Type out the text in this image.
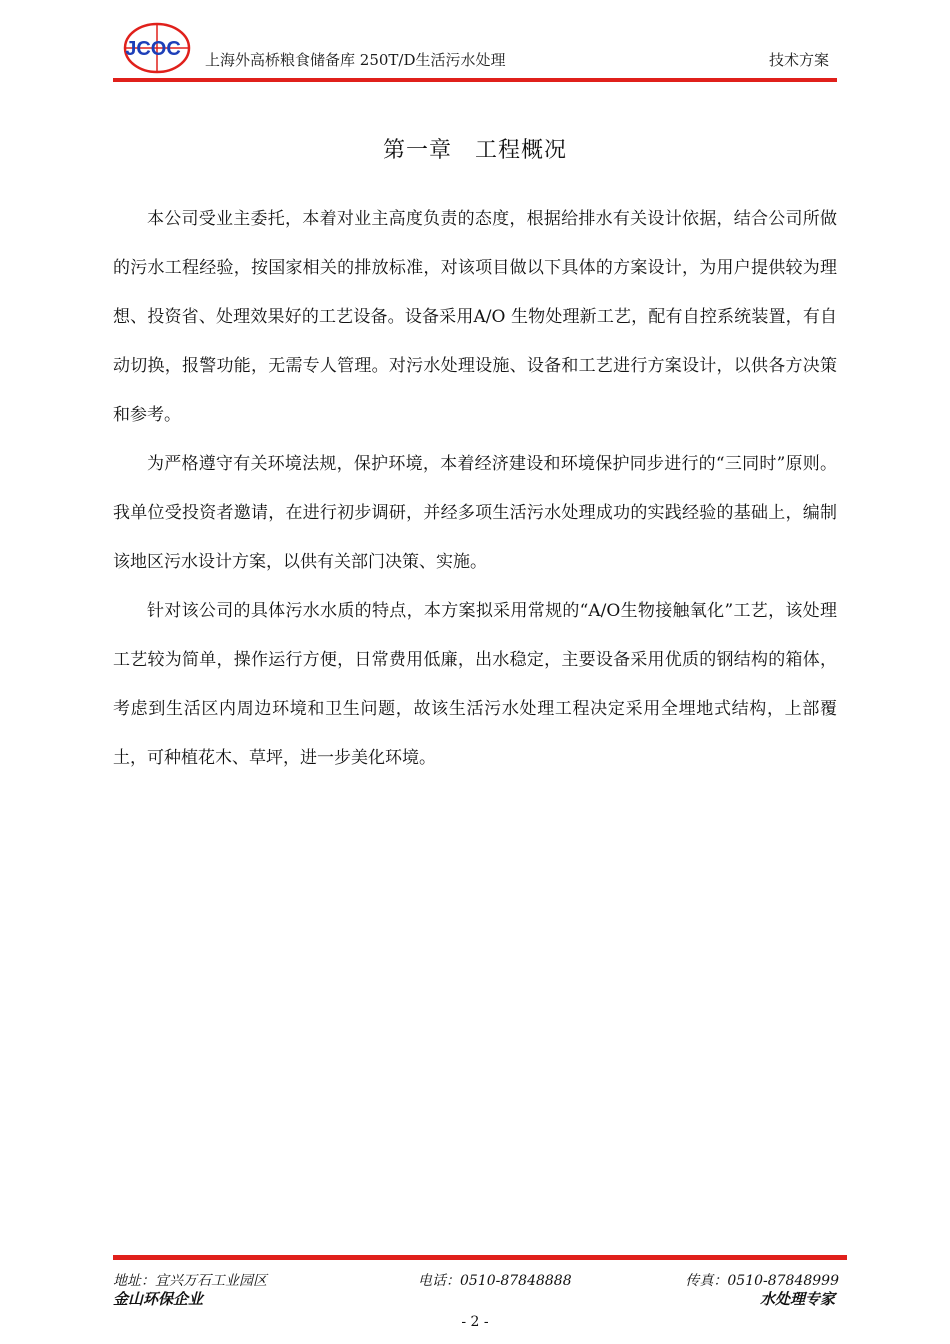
JCOC 上海外高桥粮食储备库 250T/D生活污水处理	技术方案
第一章　工程概况

本公司受业主委托，本着对业主高度负责的态度，根据给排水有关设计依据，结合公司所做的污水工程经验，按国家相关的排放标准，对该项目做以下具体的方案设计，为用户提供较为理想、投资省、处理效果好的工艺设备。设备采用A/O 生物处理新工艺，配有自控系统装置，有自动切换，报警功能，无需专人管理。对污水处理设施、设备和工艺进行方案设计，以供各方决策和参考。

为严格遵守有关环境法规，保护环境，本着经济建设和环境保护同步进行的“三同时”原则。我单位受投资者邀请，在进行初步调研，并经多项生活污水处理成功的实践经验的基础上，编制该地区污水设计方案，以供有关部门决策、实施。

针对该公司的具体污水水质的特点，本方案拟采用常规的“A/O生物接触氧化”工艺，该处理工艺较为简单，操作运行方便，日常费用低廉，出水稳定，主要设备采用优质的钢结构的箱体，考虑到生活区内周边环境和卫生问题，故该生活污水处理工程决定采用全埋地式结构，上部覆土，可种植花木、草坪，进一步美化环境。

地址：宜兴万石工业园区	电话：0510-87848888	传真：0510-87848999
金山环保企业	水处理专家
- 2 -
